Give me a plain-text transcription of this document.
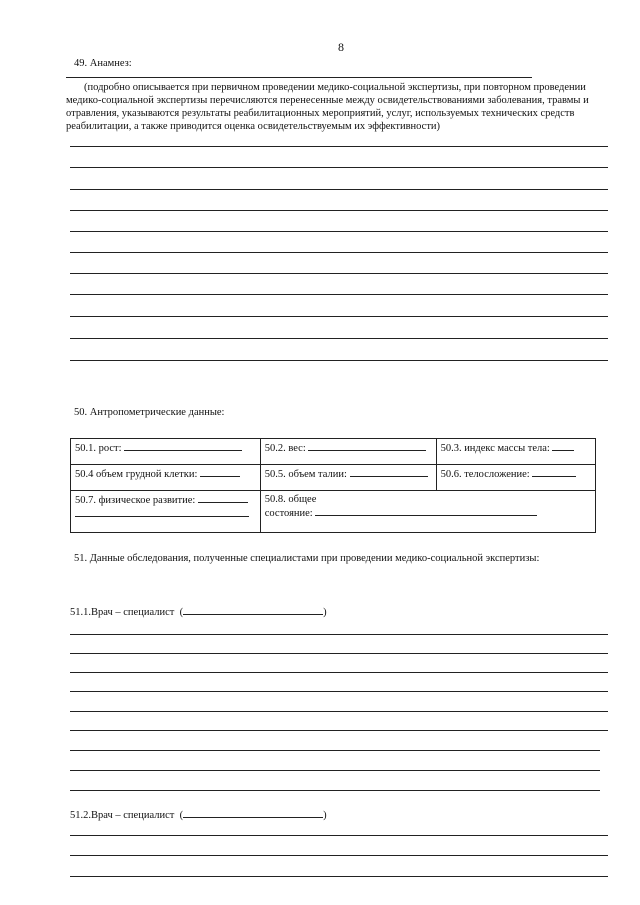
8
49. Анамнез:
(подробно описывается при первичном проведении медико-социальной экспертизы, при повторном проведении
медико-социальной экспертизы перечисляются перенесенные между освидетельствованиями заболевания, травмы и
отравления, указываются результаты реабилитационных мероприятий, услуг, используемых технических средств
реабилитации, а также приводится оценка освидетельствуемым их эффективности)
50. Антропометрические данные:
50.1. рост:	50.2. вес:	50.3. индекс массы тела:
50.4 объем грудной клетки:	50.5. объем талии:	50.6. телосложение:
50.7. физическое развитие:	50.8. общее
состояние:	
51. Данные обследования, полученные специалистами при проведении медико-социальной экспертизы:
51.1.Врач – специалист  (	)
51.2.Врач – специалист  (	)
